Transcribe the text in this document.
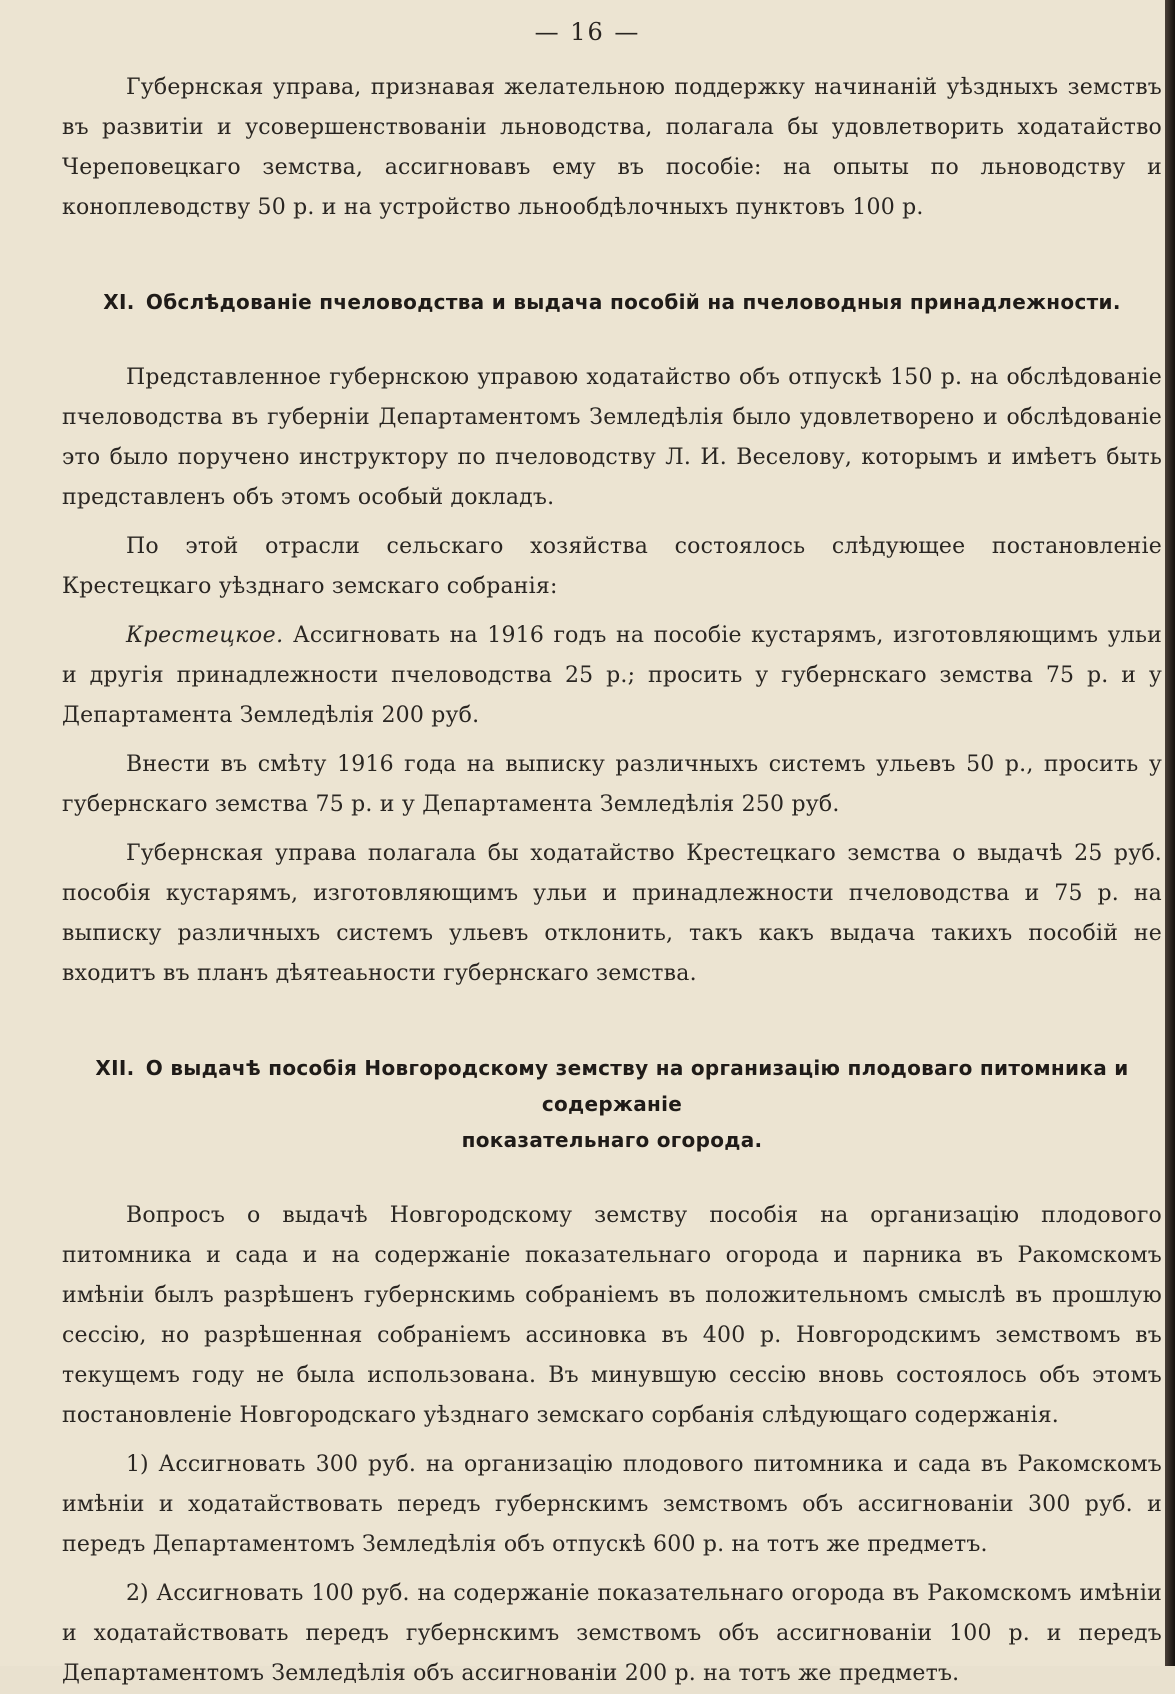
— 16 —

Губернская управа, признавая желательною поддержку начинаній уѣздныхъ земствъ въ развитіи и усовершенствованіи льноводства, полагала бы удовлетворить ходатайство Череповецкаго земства, ассигновавъ ему въ пособіе: на опыты по льноводству и коноплеводству 50 р. и на устройство льнообдѣлочныхъ пунктовъ 100 р.

XI. Обслѣдованіе пчеловодства и выдача пособій на пчеловодныя принадлежности.

Представленное губернскою управою ходатайство объ отпускѣ 150 р. на обслѣдованіе пчеловодства въ губерніи Департаментомъ Земледѣлія было удовлетворено и обслѣдованіе это было поручено инструктору по пчеловодству Л. И. Веселову, которымъ и имѣетъ быть представленъ объ этомъ особый докладъ.

По этой отрасли сельскаго хозяйства состоялось слѣдующее постановленіе Крестецкаго уѣзднаго земскаго собранія:

Крестецкое. Ассигновать на 1916 годъ на пособіе кустарямъ, изготовляющимъ ульи и другія принадлежности пчеловодства 25 р.; просить у губернскаго земства 75 р. и у Департамента Земледѣлія 200 руб.

Внести въ смѣту 1916 года на выписку различныхъ системъ ульевъ 50 р., просить у губернскаго земства 75 р. и у Департамента Земледѣлія 250 руб.

Губернская управа полагала бы ходатайство Крестецкаго земства о выдачѣ 25 руб. пособія кустарямъ, изготовляющимъ ульи и принадлежности пчеловодства и 75 р. на выписку различныхъ системъ ульевъ отклонить, такъ какъ выдача такихъ пособій не входитъ въ планъ дѣятеаьности губернскаго земства.

XII. О выдачѣ пособія Новгородскому земству на организацію плодоваго питомника и содержаніе
показательнаго огорода.

Вопросъ о выдачѣ Новгородскому земству пособія на организацію плодового питомника и сада и на содержаніе показательнаго огорода и парника въ Ракомскомъ имѣніи былъ разрѣшенъ губернскимь собраніемъ въ положительномъ смыслѣ въ прошлую сессію, но разрѣшенная собраніемъ ассиновка въ 400 р. Новгородскимъ земствомъ въ текущемъ году не была использована. Въ минувшую сессію вновь состоялось объ этомъ постановленіе Новгородскаго уѣзднаго земскаго сорбанія слѣдующаго содержанія.

1) Ассигновать 300 руб. на организацію плодового питомника и сада въ Ракомскомъ имѣніи и ходатайствовать передъ губернскимъ земствомъ объ ассигнованіи 300 руб. и передъ Департаментомъ Земледѣлія объ отпускѣ 600 р. на тотъ же предметъ.

2) Ассигновать 100 руб. на содержаніе показательнаго огорода въ Ракомскомъ имѣніи и ходатайствовать передъ губернскимъ земствомъ объ ассигнованіи 100 р. и передъ Департаментомъ Земледѣлія объ ассигнованіи 200 р. на тотъ же предметъ.
